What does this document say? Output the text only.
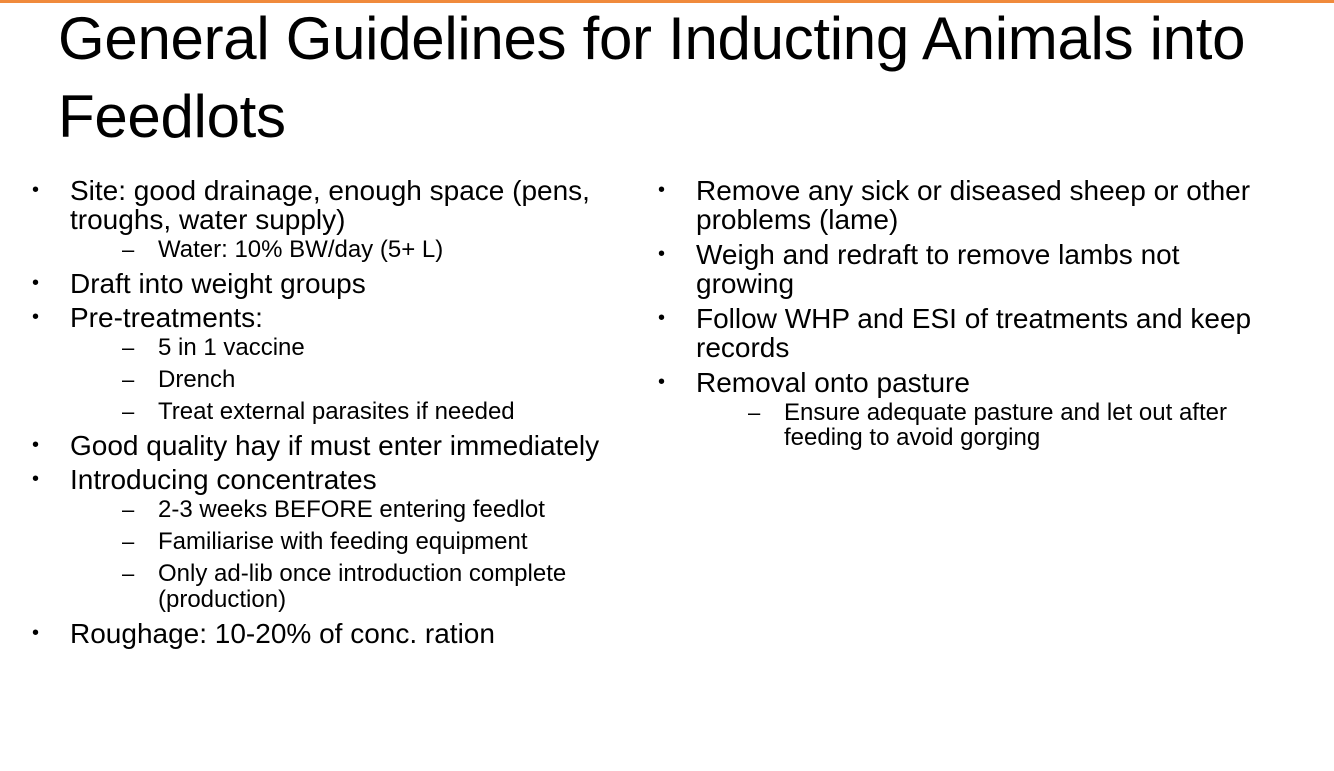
General Guidelines for Inducting Animals into Feedlots
• Site: good drainage, enough space (pens, troughs, water supply)
– Water: 10% BW/day (5+ L)
• Draft into weight groups
• Pre-treatments:
– 5 in 1 vaccine
– Drench
– Treat external parasites if needed
• Good quality hay if must enter immediately
• Introducing concentrates
– 2-3 weeks BEFORE entering feedlot
– Familiarise with feeding equipment
– Only ad-lib once introduction complete (production)
• Roughage: 10-20% of conc. ration
• Remove any sick or diseased sheep or other problems (lame)
• Weigh and redraft to remove lambs not growing
• Follow WHP and ESI of treatments and keep records
• Removal onto pasture
– Ensure adequate pasture and let out after feeding to avoid gorging
